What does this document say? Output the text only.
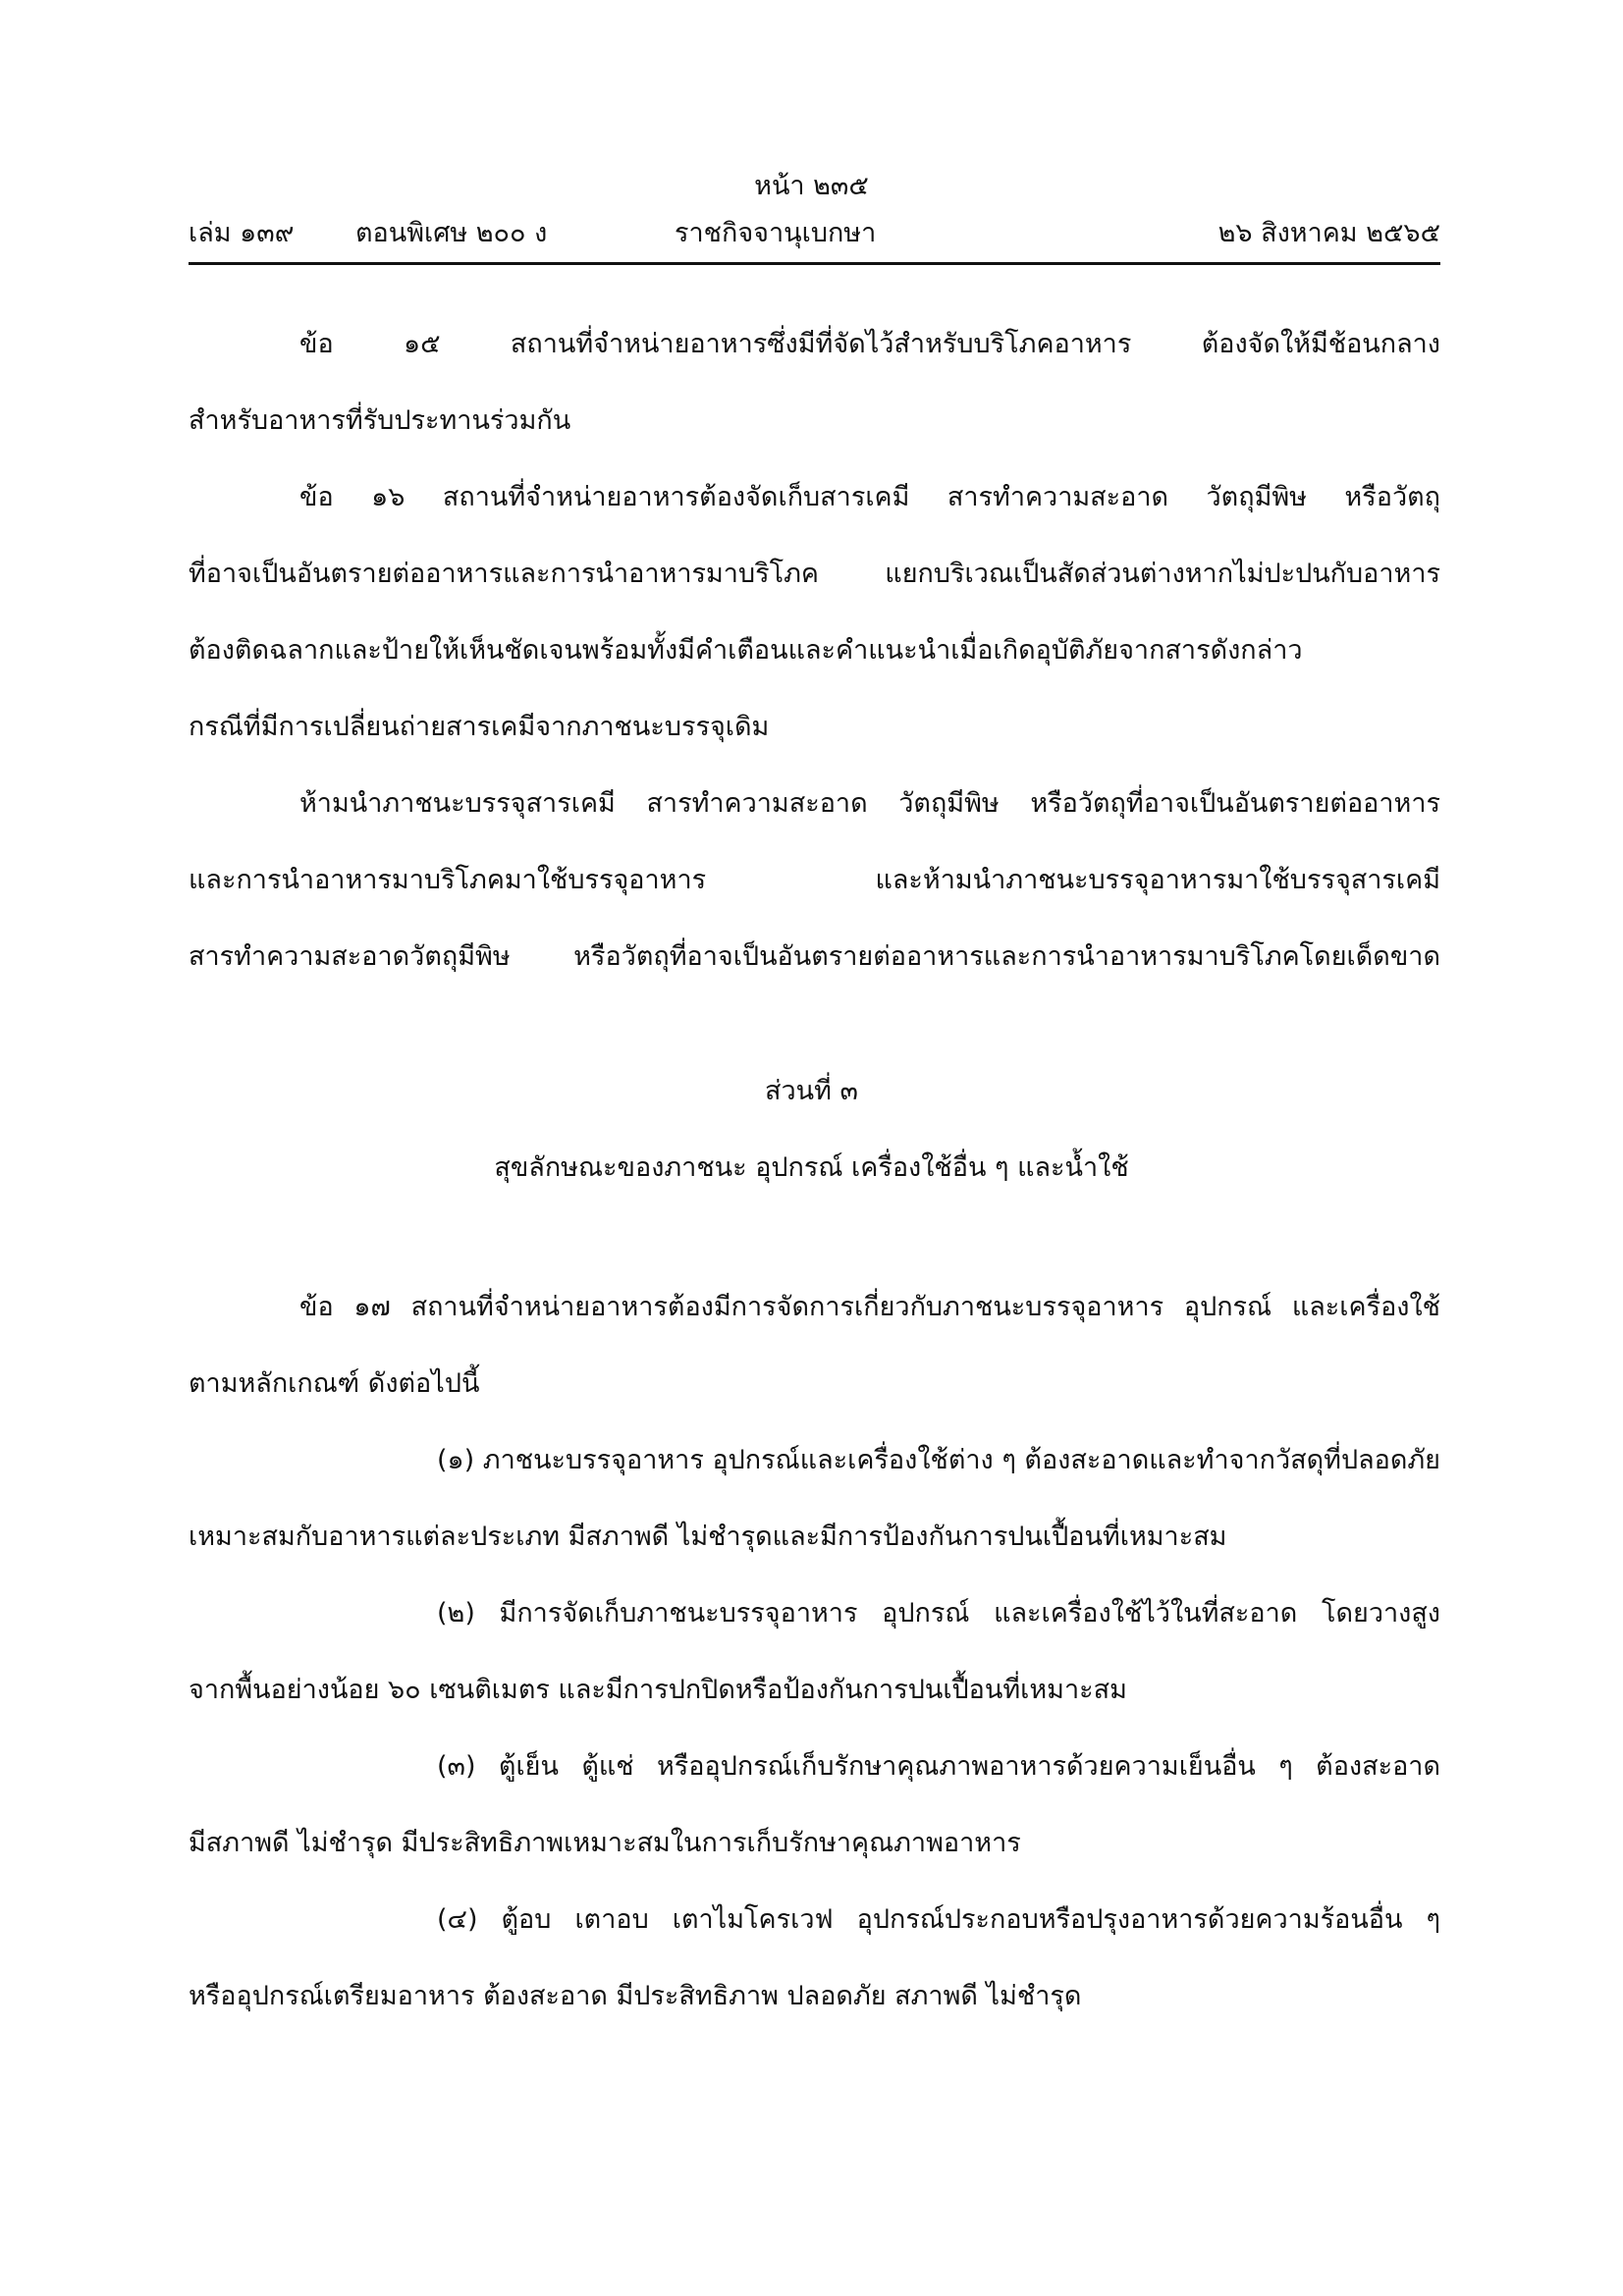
หน้า ๒๓๕
เล่ม ๑๓๙ ตอนพิเศษ ๒๐๐ ง	ราชกิจจานุเบกษา	๒๖ สิงหาคม ๒๕๖๕
ข้อ ๑๕ สถานที่จำหน่ายอาหารซึ่งมีที่จัดไว้สำหรับบริโภคอาหาร ต้องจัดให้มีช้อนกลาง
สำหรับอาหารที่รับประทานร่วมกัน
ข้อ ๑๖ สถานที่จำหน่ายอาหารต้องจัดเก็บสารเคมี สารทำความสะอาด วัตถุมีพิษ หรือวัตถุ
ที่อาจเป็นอันตรายต่ออาหารและการนำอาหารมาบริโภค แยกบริเวณเป็นสัดส่วนต่างหากไม่ปะปนกับอาหาร
ต้องติดฉลากและป้ายให้เห็นชัดเจนพร้อมทั้งมีคำเตือนและคำแนะนำเมื่อเกิดอุบัติภัยจากสารดังกล่าว
กรณีที่มีการเปลี่ยนถ่ายสารเคมีจากภาชนะบรรจุเดิม
ห้ามนำภาชนะบรรจุสารเคมี สารทำความสะอาด วัตถุมีพิษ หรือวัตถุที่อาจเป็นอันตรายต่ออาหาร
และการนำอาหารมาบริโภคมาใช้บรรจุอาหาร และห้ามนำภาชนะบรรจุอาหารมาใช้บรรจุสารเคมี
สารทำความสะอาดวัตถุมีพิษ หรือวัตถุที่อาจเป็นอันตรายต่ออาหารและการนำอาหารมาบริโภคโดยเด็ดขาด
ส่วนที่ ๓
สุขลักษณะของภาชนะ อุปกรณ์ เครื่องใช้อื่น ๆ และน้ำใช้
ข้อ ๑๗ สถานที่จำหน่ายอาหารต้องมีการจัดการเกี่ยวกับภาชนะบรรจุอาหาร อุปกรณ์ และเครื่องใช้
ตามหลักเกณฑ์ ดังต่อไปนี้
(๑) ภาชนะบรรจุอาหาร อุปกรณ์และเครื่องใช้ต่าง ๆ ต้องสะอาดและทำจากวัสดุที่ปลอดภัย
เหมาะสมกับอาหารแต่ละประเภท มีสภาพดี ไม่ชำรุดและมีการป้องกันการปนเปื้อนที่เหมาะสม
(๒) มีการจัดเก็บภาชนะบรรจุอาหาร อุปกรณ์ และเครื่องใช้ไว้ในที่สะอาด โดยวางสูง
จากพื้นอย่างน้อย ๖๐ เซนติเมตร และมีการปกปิดหรือป้องกันการปนเปื้อนที่เหมาะสม
(๓) ตู้เย็น ตู้แช่ หรืออุปกรณ์เก็บรักษาคุณภาพอาหารด้วยความเย็นอื่น ๆ ต้องสะอาด
มีสภาพดี ไม่ชำรุด มีประสิทธิภาพเหมาะสมในการเก็บรักษาคุณภาพอาหาร
(๔) ตู้อบ เตาอบ เตาไมโครเวฟ อุปกรณ์ประกอบหรือปรุงอาหารด้วยความร้อนอื่น ๆ
หรืออุปกรณ์เตรียมอาหาร ต้องสะอาด มีประสิทธิภาพ ปลอดภัย สภาพดี ไม่ชำรุด
